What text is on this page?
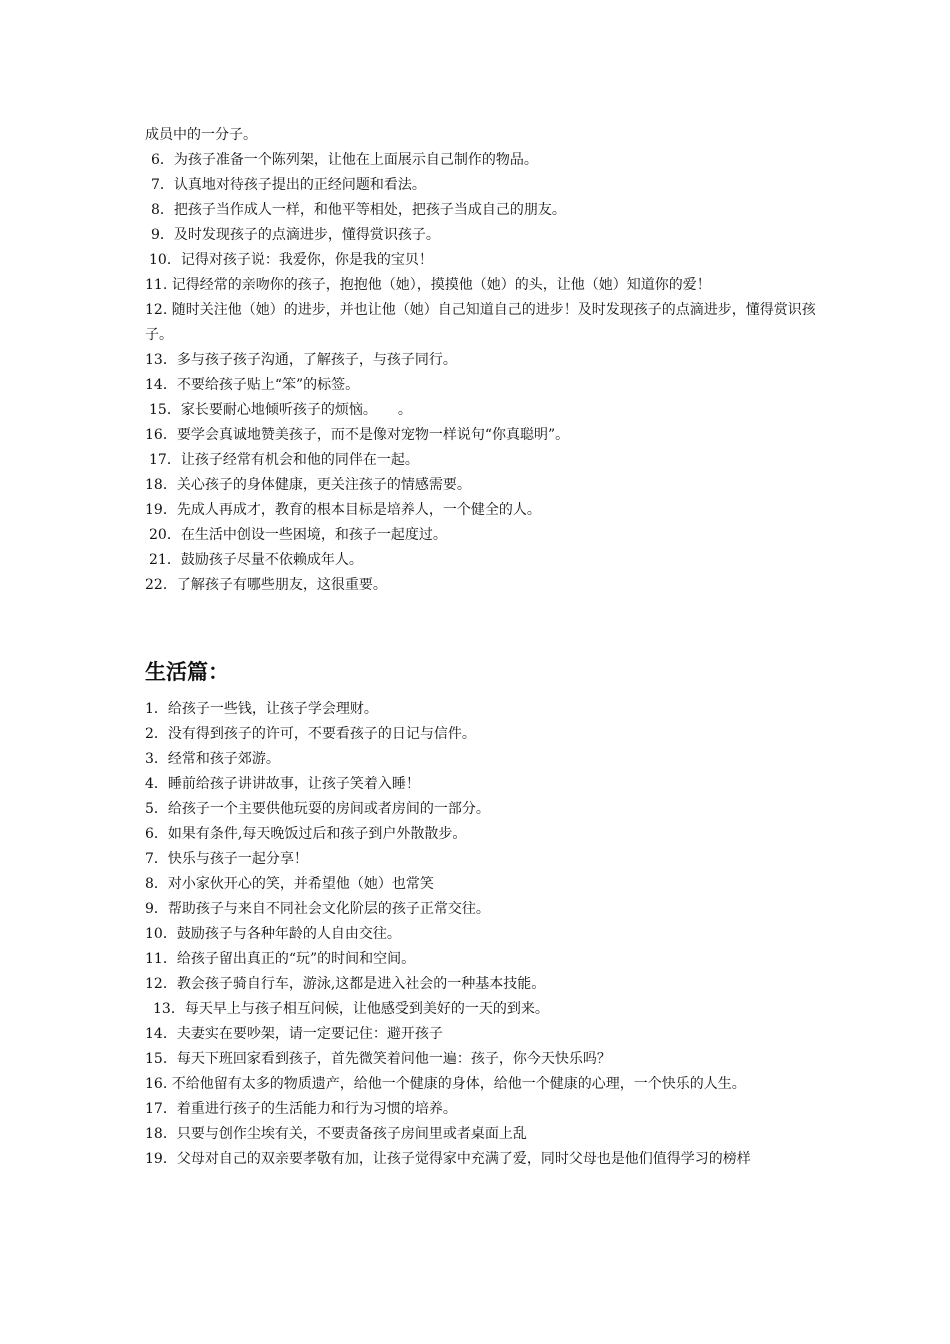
成员中的一分子。
6．为孩子准备一个陈列架，让他在上面展示自己制作的物品。
7．认真地对待孩子提出的正经问题和看法。
8．把孩子当作成人一样，和他平等相处，把孩子当成自己的朋友。
9．及时发现孩子的点滴进步，懂得赏识孩子。
10．记得对孩子说：我爱你，你是我的宝贝！
11. 记得经常的亲吻你的孩子，抱抱他（她），摸摸他（她）的头，让他（她）知道你的爱！
12. 随时关注他（她）的进步，并也让他（她）自己知道自己的进步！及时发现孩子的点滴进步，懂得赏识孩子。
13．多与孩子孩子沟通，了解孩子，与孩子同行。
14．不要给孩子贴上“笨”的标签。
15．家长要耐心地倾听孩子的烦恼。　　。
16．要学会真诚地赞美孩子，而不是像对宠物一样说句“你真聪明”。
17．让孩子经常有机会和他的同伴在一起。
18．关心孩子的身体健康，更关注孩子的情感需要。
19．先成人再成才，教育的根本目标是培养人，一个健全的人。
20．在生活中创设一些困境，和孩子一起度过。
21．鼓励孩子尽量不依赖成年人。
22．了解孩子有哪些朋友，这很重要。
生活篇：
1．给孩子一些钱，让孩子学会理财。
2．没有得到孩子的许可，不要看孩子的日记与信件。
3．经常和孩子郊游。
4．睡前给孩子讲讲故事，让孩子笑着入睡！
5．给孩子一个主要供他玩耍的房间或者房间的一部分。
6．如果有条件,每天晚饭过后和孩子到户外散散步。
7．快乐与孩子一起分享！
8．对小家伙开心的笑，并希望他（她）也常笑
9．帮助孩子与来自不同社会文化阶层的孩子正常交往。
10．鼓励孩子与各种年龄的人自由交往。
11．给孩子留出真正的“玩”的时间和空间。
12．教会孩子骑自行车，游泳,这都是进入社会的一种基本技能。
13．每天早上与孩子相互问候，让他感受到美好的一天的到来。
14．夫妻实在要吵架，请一定要记住：避开孩子
15．每天下班回家看到孩子，首先微笑着问他一遍：孩子，你今天快乐吗？
16. 不给他留有太多的物质遗产，给他一个健康的身体，给他一个健康的心理，一个快乐的人生。
17．着重进行孩子的生活能力和行为习惯的培养。
18．只要与创作尘埃有关，不要责备孩子房间里或者桌面上乱
19．父母对自己的双亲要孝敬有加，让孩子觉得家中充满了爱，同时父母也是他们值得学习的榜样
